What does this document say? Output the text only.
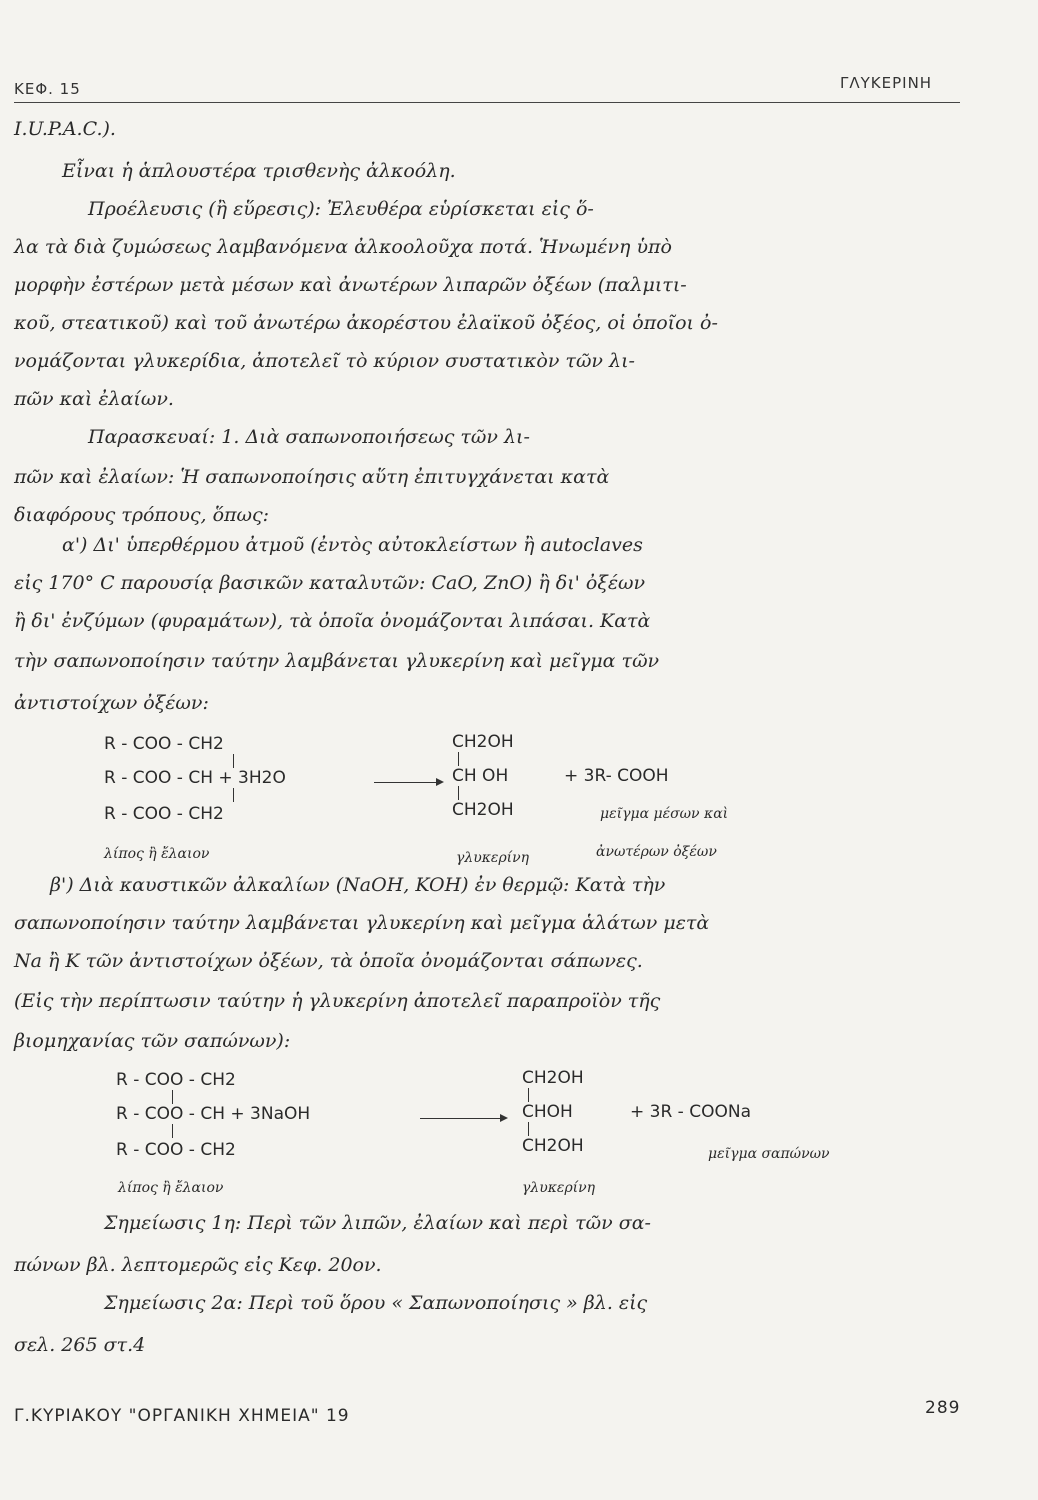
ΚΕΦ. 15	ΓΛΥΚΕΡΙΝΗ
I.U.P.A.C.).
Εἶναι ἡ ἁπλουστέρα τρισθενὴς ἀλκοόλη.
Προέλευσις (ἢ εὕρεσις): Ἐλευθέρα εὑρίσκεται εἰς ὅ-
λα τὰ διὰ ζυμώσεως λαμβανόμενα ἀλκοολοῦχα ποτά. Ἡνωμένη ὑπὸ
μορφὴν ἐστέρων μετὰ μέσων καὶ ἀνωτέρων λιπαρῶν ὀξέων (παλμιτι-
κοῦ, στεατικοῦ) καὶ τοῦ ἀνωτέρω ἀκορέστου ἐλαϊκοῦ ὀξέος, οἱ ὁποῖοι ὀ-
νομάζονται γλυκερίδια, ἀποτελεῖ τὸ κύριον συστατικὸν τῶν λι-
πῶν καὶ ἐλαίων.
Παρασκευαί: 1. Διὰ σαπωνοποιήσεως τῶν λι-
πῶν καὶ ἐλαίων: Ἡ σαπωνοποίησις αὕτη ἐπιτυγχάνεται κατὰ
διαφόρους τρόπους, ὅπως:
α') Δι' ὑπερθέρμου ἀτμοῦ (ἐντὸς αὐτοκλείστων ἢ autoclaves
εἰς 170° C παρουσίᾳ βασικῶν καταλυτῶν: CaO, ZnO) ἢ δι' ὀξέων
ἢ δι' ἐνζύμων (φυραμάτων), τὰ ὁποῖα ὀνομάζονται λιπάσαι. Κατὰ
τὴν σαπωνοποίησιν ταύτην λαμβάνεται γλυκερίνη καὶ μεῖγμα τῶν
ἀντιστοίχων ὀξέων:
R - COO - CH2
R - COO - CH + 3H2O
R - COO - CH2
CH2OH
CH OH
CH2OH
+ 3R- COOH
λίπος ἢ ἔλαιον	γλυκερίνη
μεῖγμα μέσων καὶ
ἀνωτέρων ὀξέων
β') Διὰ καυστικῶν ἀλκαλίων (NaOH, KOH) ἐν θερμῷ: Κατὰ τὴν
σαπωνοποίησιν ταύτην λαμβάνεται γλυκερίνη καὶ μεῖγμα ἁλάτων μετὰ
Na ἢ K τῶν ἀντιστοίχων ὀξέων, τὰ ὁποῖα ὀνομάζονται σάπωνες.
(Εἰς τὴν περίπτωσιν ταύτην ἡ γλυκερίνη ἀποτελεῖ παραπροϊὸν τῆς
βιομηχανίας τῶν σαπώνων):
R - COO - CH2
R - COO - CH + 3NaOH
R - COO - CH2
CH2OH
CHOH
CH2OH
+ 3R - COONa
λίπος ἢ ἔλαιον	γλυκερίνη
μεῖγμα σαπώνων
Σημείωσις 1η: Περὶ τῶν λιπῶν, ἐλαίων καὶ περὶ τῶν σα-
πώνων βλ. λεπτομερῶς εἰς Κεφ. 20ον.
Σημείωσις 2α: Περὶ τοῦ ὅρου « Σαπωνοποίησις » βλ. εἰς
σελ. 265 στ.4
Γ.ΚΥΡΙΑΚΟΥ "ΟΡΓΑΝΙΚΗ ΧΗΜΕΙΑ" 19	289
